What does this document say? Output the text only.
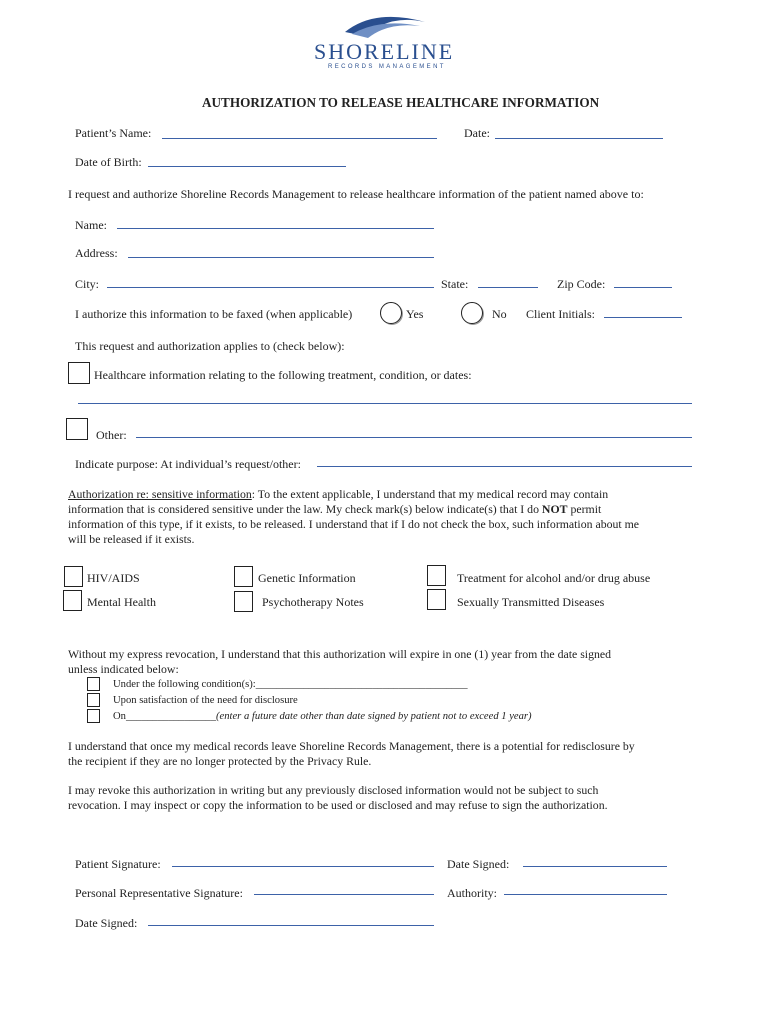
SHORELINE
RECORDS MANAGEMENT
AUTHORIZATION TO RELEASE HEALTHCARE INFORMATION
Patient’s Name:	Date:
Date of Birth:
I request and authorize Shoreline Records Management to release healthcare information of the patient named above to:
Name:
Address:
City:	State:	Zip Code:
I authorize this information to be faxed (when applicable)	Yes	No Client Initials:
This request and authorization applies to (check below):
Healthcare information relating to the following treatment, condition, or dates:
Other:
Indicate purpose: At individual’s request/other:
Authorization re: sensitive information: To the extent applicable, I understand that my medical record may contain
information that is considered sensitive under the law. My check mark(s) below indicate(s) that I do NOT permit
information of this type, if it exists, to be released. I understand that if I do not check the box, such information about me
will be released if it exists.
HIV/AIDS	Genetic Information	Treatment for alcohol and/or drug abuse
Mental Health	Psychotherapy Notes	Sexually Transmitted Diseases
Without my express revocation, I understand that this authorization will expire in one (1) year from the date signed
unless indicated below:
Under the following condition(s):________________________________________
Upon satisfaction of the need for disclosure
On_________________(enter a future date other than date signed by patient not to exceed 1 year)
I understand that once my medical records leave Shoreline Records Management, there is a potential for redisclosure by
the recipient if they are no longer protected by the Privacy Rule.
I may revoke this authorization in writing but any previously disclosed information would not be subject to such
revocation. I may inspect or copy the information to be used or disclosed and may refuse to sign the authorization.
Patient Signature:	Date Signed:
Personal Representative Signature:	Authority:
Date Signed:
